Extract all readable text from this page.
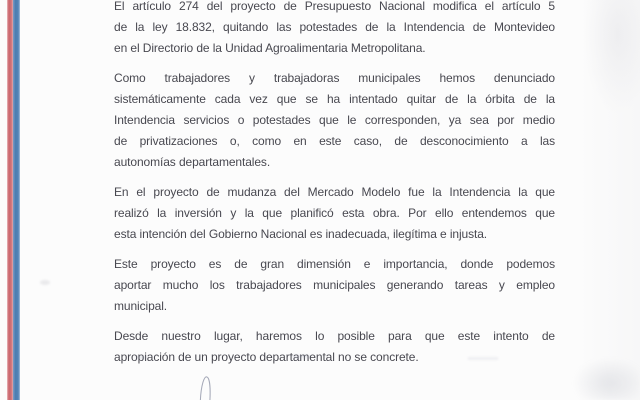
El artículo 274 del proyecto de Presupuesto Nacional modifica el artículo 5
de la ley 18.832, quitando las potestades de la Intendencia de Montevideo
en el Directorio de la Unidad Agroalimentaria Metropolitana.
Como trabajadores y trabajadoras municipales hemos denunciado
sistemáticamente cada vez que se ha intentado quitar de la órbita de la
Intendencia servicios o potestades que le corresponden, ya sea por medio
de privatizaciones o, como en este caso, de desconocimiento a las
autonomías departamentales.
En el proyecto de mudanza del Mercado Modelo fue la Intendencia la que
realizó la inversión y la que planificó esta obra. Por ello entendemos que
esta intención del Gobierno Nacional es inadecuada, ilegítima e injusta.
Este proyecto es de gran dimensión e importancia, donde podemos
aportar mucho los trabajadores municipales generando tareas y empleo
municipal.
Desde nuestro lugar, haremos lo posible para que este intento de
apropiación de un proyecto departamental no se concrete.
